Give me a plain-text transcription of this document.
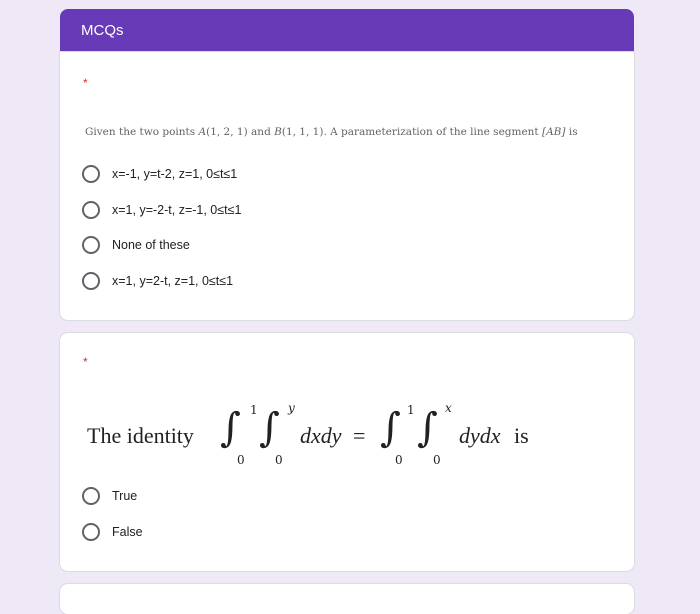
MCQs
*
Given the two points A(1, 2, 1) and B(1, 1, 1). A parameterization of the line segment [AB] is
x=-1, y=t-2, z=1, 0≤t≤1
x=1, y=-2-t, z=-1, 0≤t≤1
None of these
x=1, y=2-t, z=1, 0≤t≤1
*
The identity ∫ 1
0
∫ y
0
dxdy = ∫ 1
0
∫ x
0
dydx is
True
False
